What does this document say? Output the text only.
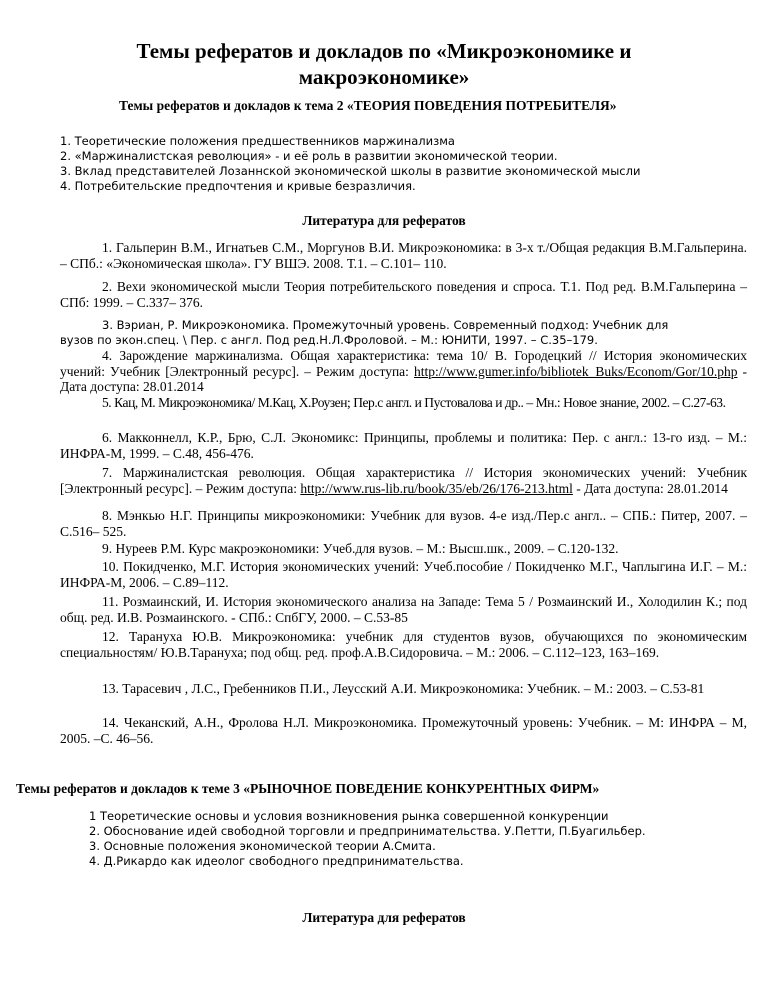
Темы рефератов и докладов по «Микроэкономике и макроэкономике»
Темы рефератов и докладов к тема 2 «ТЕОРИЯ ПОВЕДЕНИЯ ПОТРЕБИТЕЛЯ»
1. Теоретические положения предшественников маржинализма
2. «Маржиналистская революция» - и её роль в развитии экономической теории.
3. Вклад представителей Лозаннской экономической школы в развитие экономической мысли
4. Потребительские предпочтения и кривые безразличия.
Литература для рефератов
1. Гальперин В.М., Игнатьев С.М., Моргунов В.И. Микроэкономика: в 3-х т./Общая редакция В.М.Гальперина. – СПб.: «Экономическая школа». ГУ ВШЭ. 2008. Т.1. – С.101– 110.
2. Вехи экономической мысли Теория потребительского поведения и спроса. Т.1. Под ред. В.М.Гальперина – СПб: 1999. – С.337– 376.
3. Вэриан, Р. Микроэкономика. Промежуточный уровень. Современный подход: Учебник для
вузов по экон.спец. \ Пер. с англ. Под ред.Н.Л.Фроловой. – М.: ЮНИТИ, 1997. – С.35–179.
4. Зарождение маржинализма. Общая характеристика: тема 10/ В. Городецкий // История экономических учений: Учебник [Электронный ресурс]. – Режим доступа: http://www.gumer.info/bibliotek_Buks/Econom/Gor/10.php - Дата доступа: 28.01.2014
5. Кац, М. Микроэкономика/ М.Кац, Х.Роузен; Пер.с англ. и Пустовалова и др.. – Мн.: Новое знание, 2002. – С.27-63.
6. Макконнелл, К.Р., Брю, С.Л. Экономикс: Принципы, проблемы и политика: Пер. с англ.: 13-го изд. – М.: ИНФРА-М, 1999. – С.48, 456-476.
7. Маржиналистская революция. Общая характеристика // История экономических учений: Учебник [Электронный ресурс]. – Режим доступа: http://www.rus-lib.ru/book/35/eb/26/176-213.html - Дата доступа: 28.01.2014
8. Мэнкью Н.Г. Принципы микроэкономики: Учебник для вузов. 4-е изд./Пер.с англ.. – СПБ.: Питер, 2007. – С.516– 525.
9. Нуреев Р.М. Курс макроэкономики: Учеб.для вузов. – М.: Высш.шк., 2009. – С.120-132.
10. Покидченко, М.Г. История экономических учений: Учеб.пособие / Покидченко М.Г., Чаплыгина И.Г. – М.: ИНФРА-М, 2006. – С.89–112.
11. Розмаинский, И. История экономического анализа на Западе: Тема 5 / Розмаинский И., Холодилин К.; под общ. ред. И.В. Розмаинского. - СПб.: СпбГУ, 2000. – С.53-85
12. Тарануха Ю.В. Микроэкономика: учебник для студентов вузов, обучающихся по экономическим специальностям/ Ю.В.Тарануха; под общ. ред. проф.А.В.Сидоровича. – М.: 2006. – С.112–123, 163–169.
13. Тарасевич , Л.С., Гребенников П.И., Леусский А.И. Микроэкономика: Учебник. – М.: 2003. – С.53-81
14. Чеканский, А.Н., Фролова Н.Л. Микроэкономика. Промежуточный уровень: Учебник. – М: ИНФРА – М, 2005. –С. 46–56.
Темы рефератов и докладов к теме 3 «РЫНОЧНОЕ ПОВЕДЕНИЕ КОНКУРЕНТНЫХ ФИРМ»
1 Теоретические основы и условия возникновения рынка совершенной конкуренции
2. Обоснование идей свободной торговли и предпринимательства. У.Петти, П.Буагильбер.
3. Основные положения экономической теории А.Смита.
4. Д.Рикардо как идеолог свободного предпринимательства.
Литература для рефератов
